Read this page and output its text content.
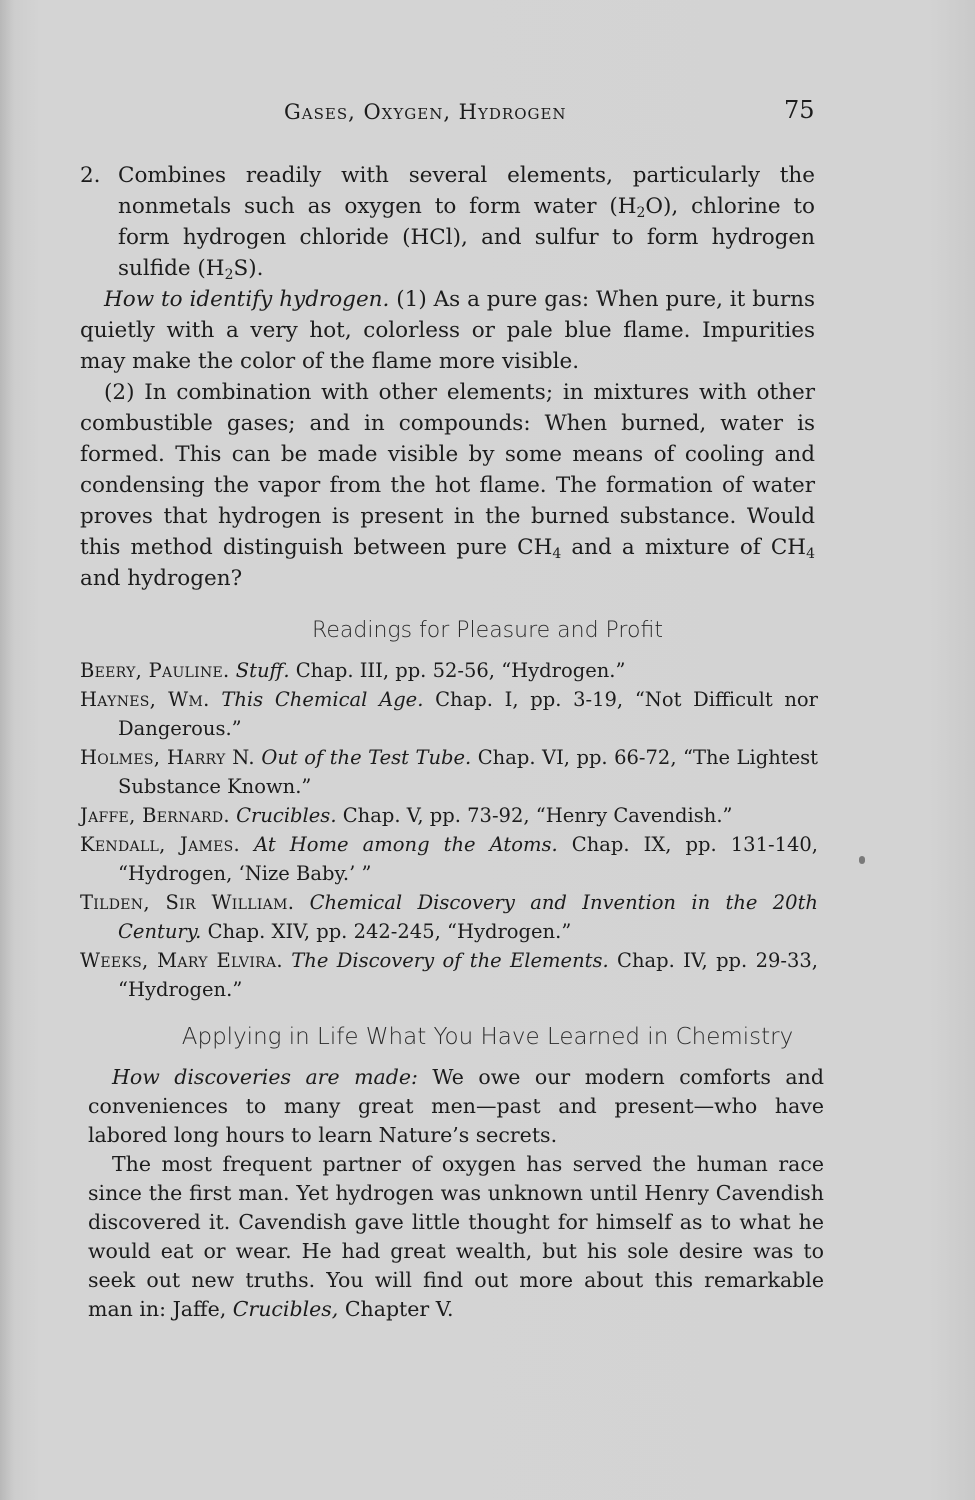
Gases, Oxygen, Hydrogen	75
2. Combines readily with several elements, particularly the nonmetals such as oxygen to form water $(H_2O)$, chlorine to form hydrogen chloride (HCl), and sulfur to form hydrogen sulfide $(H_2S)$.
How to identify hydrogen. (1) As a pure gas: When pure, it burns quietly with a very hot, colorless or pale blue flame. Impurities may make the color of the flame more visible.
(2) In combination with other elements; in mixtures with other combustible gases; and in compounds: When burned, water is formed. This can be made visible by some means of cooling and condensing the vapor from the hot flame. The formation of water proves that hydrogen is present in the burned substance. Would this method distinguish between pure $CH_4$ and a mixture of $CH_4$ and hydrogen?
Readings for Pleasure and Profit
Beery, Pauline. Stuff. Chap. III, pp. 52-56, “Hydrogen.”
Haynes, Wm. This Chemical Age. Chap. I, pp. 3-19, “Not Difficult nor Dangerous.”
Holmes, Harry N. Out of the Test Tube. Chap. VI, pp. 66-72, “The Lightest Substance Known.”
Jaffe, Bernard. Crucibles. Chap. V, pp. 73-92, “Henry Cavendish.”
Kendall, James. At Home among the Atoms. Chap. IX, pp. 131-140, “Hydrogen, ‘Nize Baby.’ ”
Tilden, Sir William. Chemical Discovery and Invention in the 20th Century. Chap. XIV, pp. 242-245, “Hydrogen.”
Weeks, Mary Elvira. The Discovery of the Elements. Chap. IV, pp. 29-33, “Hydrogen.”
Applying in Life What You Have Learned in Chemistry
How discoveries are made: We owe our modern comforts and conveniences to many great men—past and present—who have labored long hours to learn Nature’s secrets.
The most frequent partner of oxygen has served the human race since the first man. Yet hydrogen was unknown until Henry Cavendish discovered it. Cavendish gave little thought for himself as to what he would eat or wear. He had great wealth, but his sole desire was to seek out new truths. You will find out more about this remarkable man in: Jaffe, Crucibles, Chapter V.
